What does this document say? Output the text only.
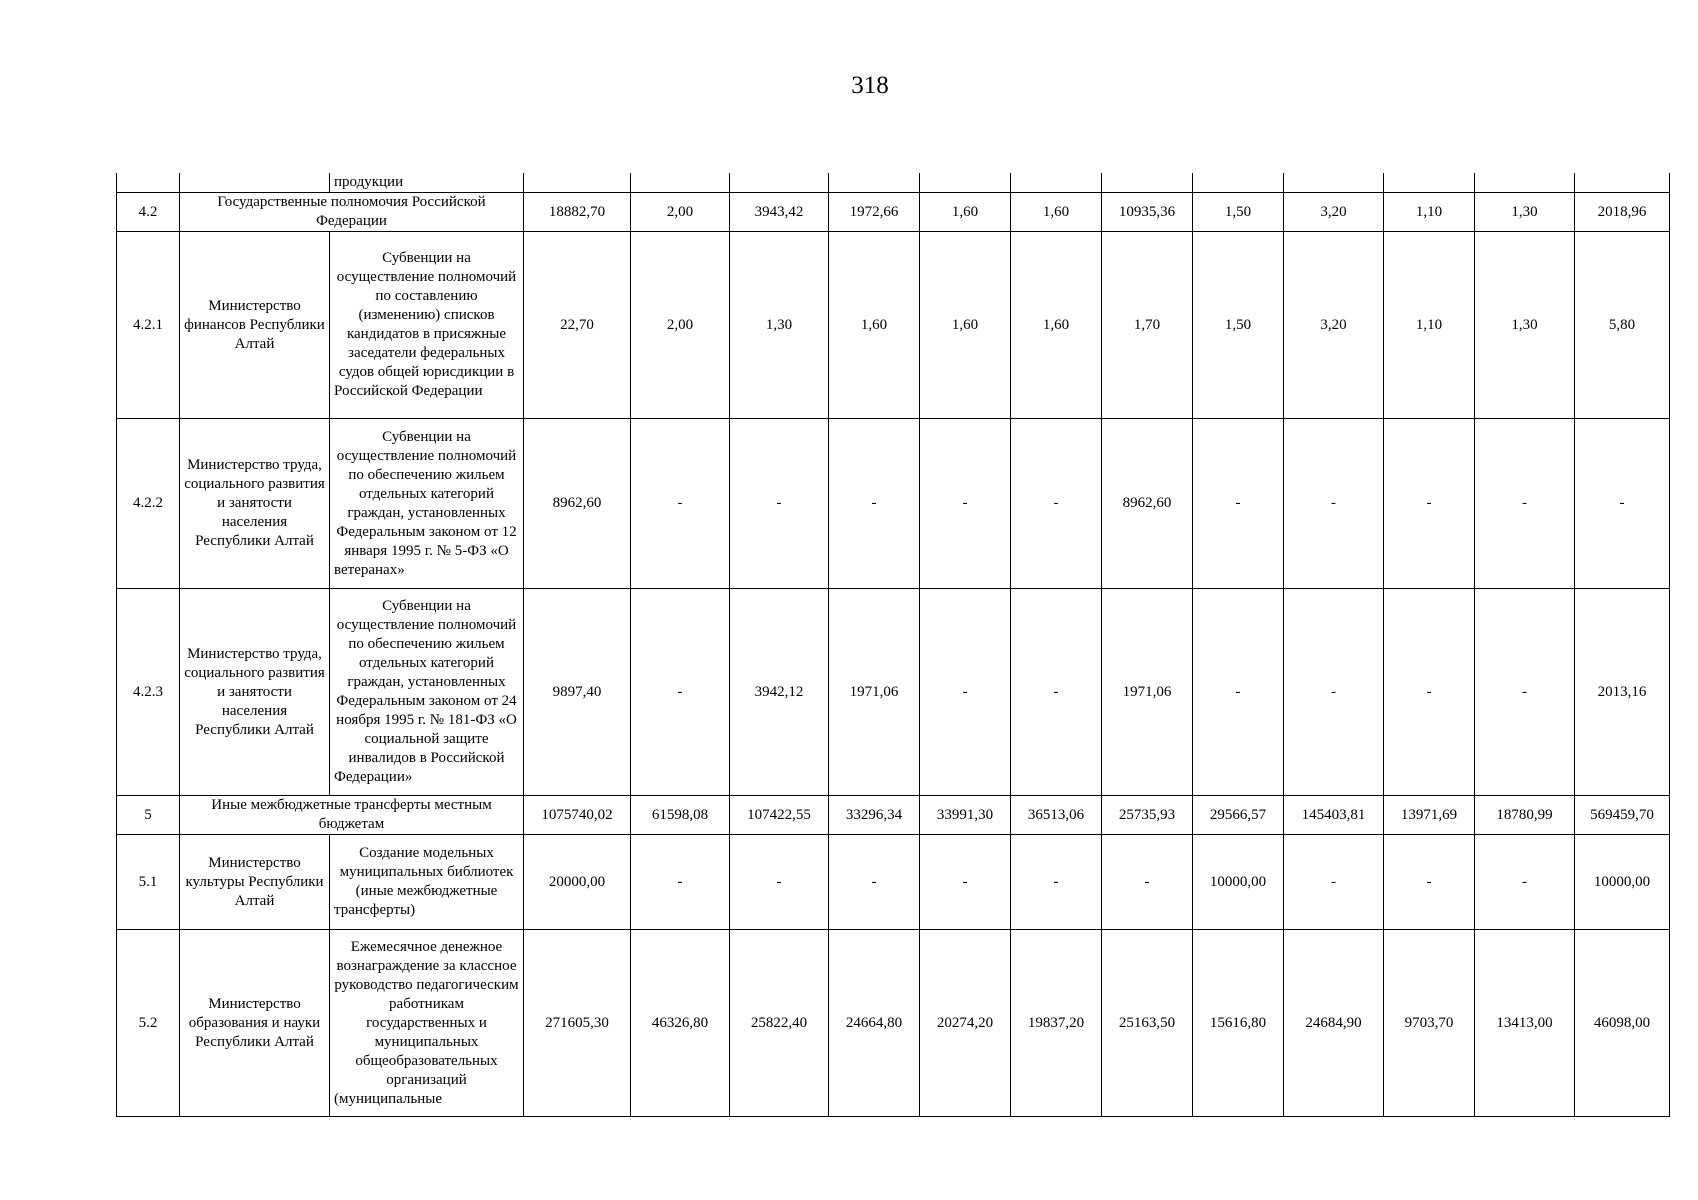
318
		продукции												
4.2	Государственные полномочия Российской Федерации		18882,70	2,00	3943,42	1972,66	1,60	1,60	10935,36	1,50	3,20	1,10	1,30	2018,96
4.2.1	Министерство финансов Республики Алтай	Субвенции на осуществление полномочий по составлению (изменению) списков кандидатов в присяжные заседатели федеральных судов общей юрисдикции в Российской Федерации	22,70	2,00	1,30	1,60	1,60	1,60	1,70	1,50	3,20	1,10	1,30	5,80
4.2.2	Министерство труда, социального развития и занятости населения Республики Алтай	Субвенции на осуществление полномочий по обеспечению жильем отдельных категорий граждан, установленных Федеральным законом от 12 января 1995 г. № 5-ФЗ «О ветеранах»	8962,60	-	-	-	-	-	8962,60	-	-	-	-	-
4.2.3	Министерство труда, социального развития и занятости населения Республики Алтай	Субвенции на осуществление полномочий по обеспечению жильем отдельных категорий граждан, установленных Федеральным законом от 24 ноября 1995 г. № 181-ФЗ «О социальной защите инвалидов в Российской Федерации»	9897,40	-	3942,12	1971,06	-	-	1971,06	-	-	-	-	2013,16
5	Иные межбюджетные трансферты местным бюджетам		1075740,02	61598,08	107422,55	33296,34	33991,30	36513,06	25735,93	29566,57	145403,81	13971,69	18780,99	569459,70
5.1	Министерство культуры Республики Алтай	Создание модельных муниципальных библиотек (иные межбюджетные трансферты)	20000,00	-	-	-	-	-	-	10000,00	-	-	-	10000,00
5.2	Министерство образования и науки Республики Алтай	Ежемесячное денежное вознаграждение за классное руководство педагогическим работникам государственных и муниципальных общеобразовательных организаций (муниципальные	271605,30	46326,80	25822,40	24664,80	20274,20	19837,20	25163,50	15616,80	24684,90	9703,70	13413,00	46098,00
